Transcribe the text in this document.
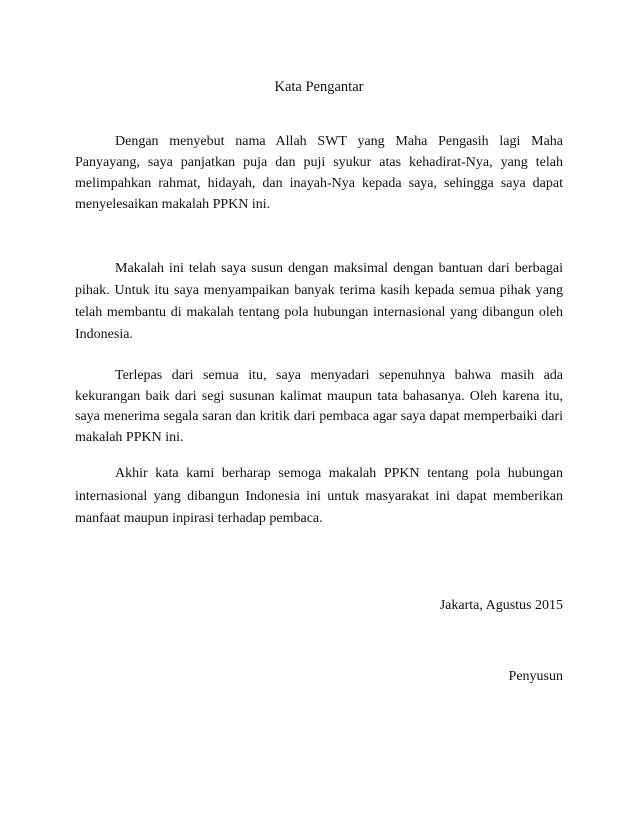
Kata Pengantar

Dengan menyebut nama Allah SWT yang Maha Pengasih lagi Maha Panyayang, saya panjatkan puja dan puji syukur atas kehadirat-Nya, yang telah melimpahkan rahmat, hidayah, dan inayah-Nya kepada saya, sehingga saya dapat menyelesaikan makalah PPKN ini.

Makalah ini telah saya susun dengan maksimal dengan bantuan dari berbagai pihak. Untuk itu saya menyampaikan banyak terima kasih kepada semua pihak yang telah membantu di makalah tentang pola hubungan internasional yang dibangun oleh Indonesia.

Terlepas dari semua itu, saya menyadari sepenuhnya bahwa masih ada kekurangan baik dari segi susunan kalimat maupun tata bahasanya. Oleh karena itu, saya menerima segala saran dan kritik dari pembaca agar saya dapat memperbaiki dari makalah PPKN ini.

Akhir kata kami berharap semoga makalah PPKN tentang pola hubungan internasional yang dibangun Indonesia ini untuk masyarakat ini dapat memberikan manfaat maupun inpirasi terhadap pembaca.

Jakarta, Agustus 2015
Penyusun
